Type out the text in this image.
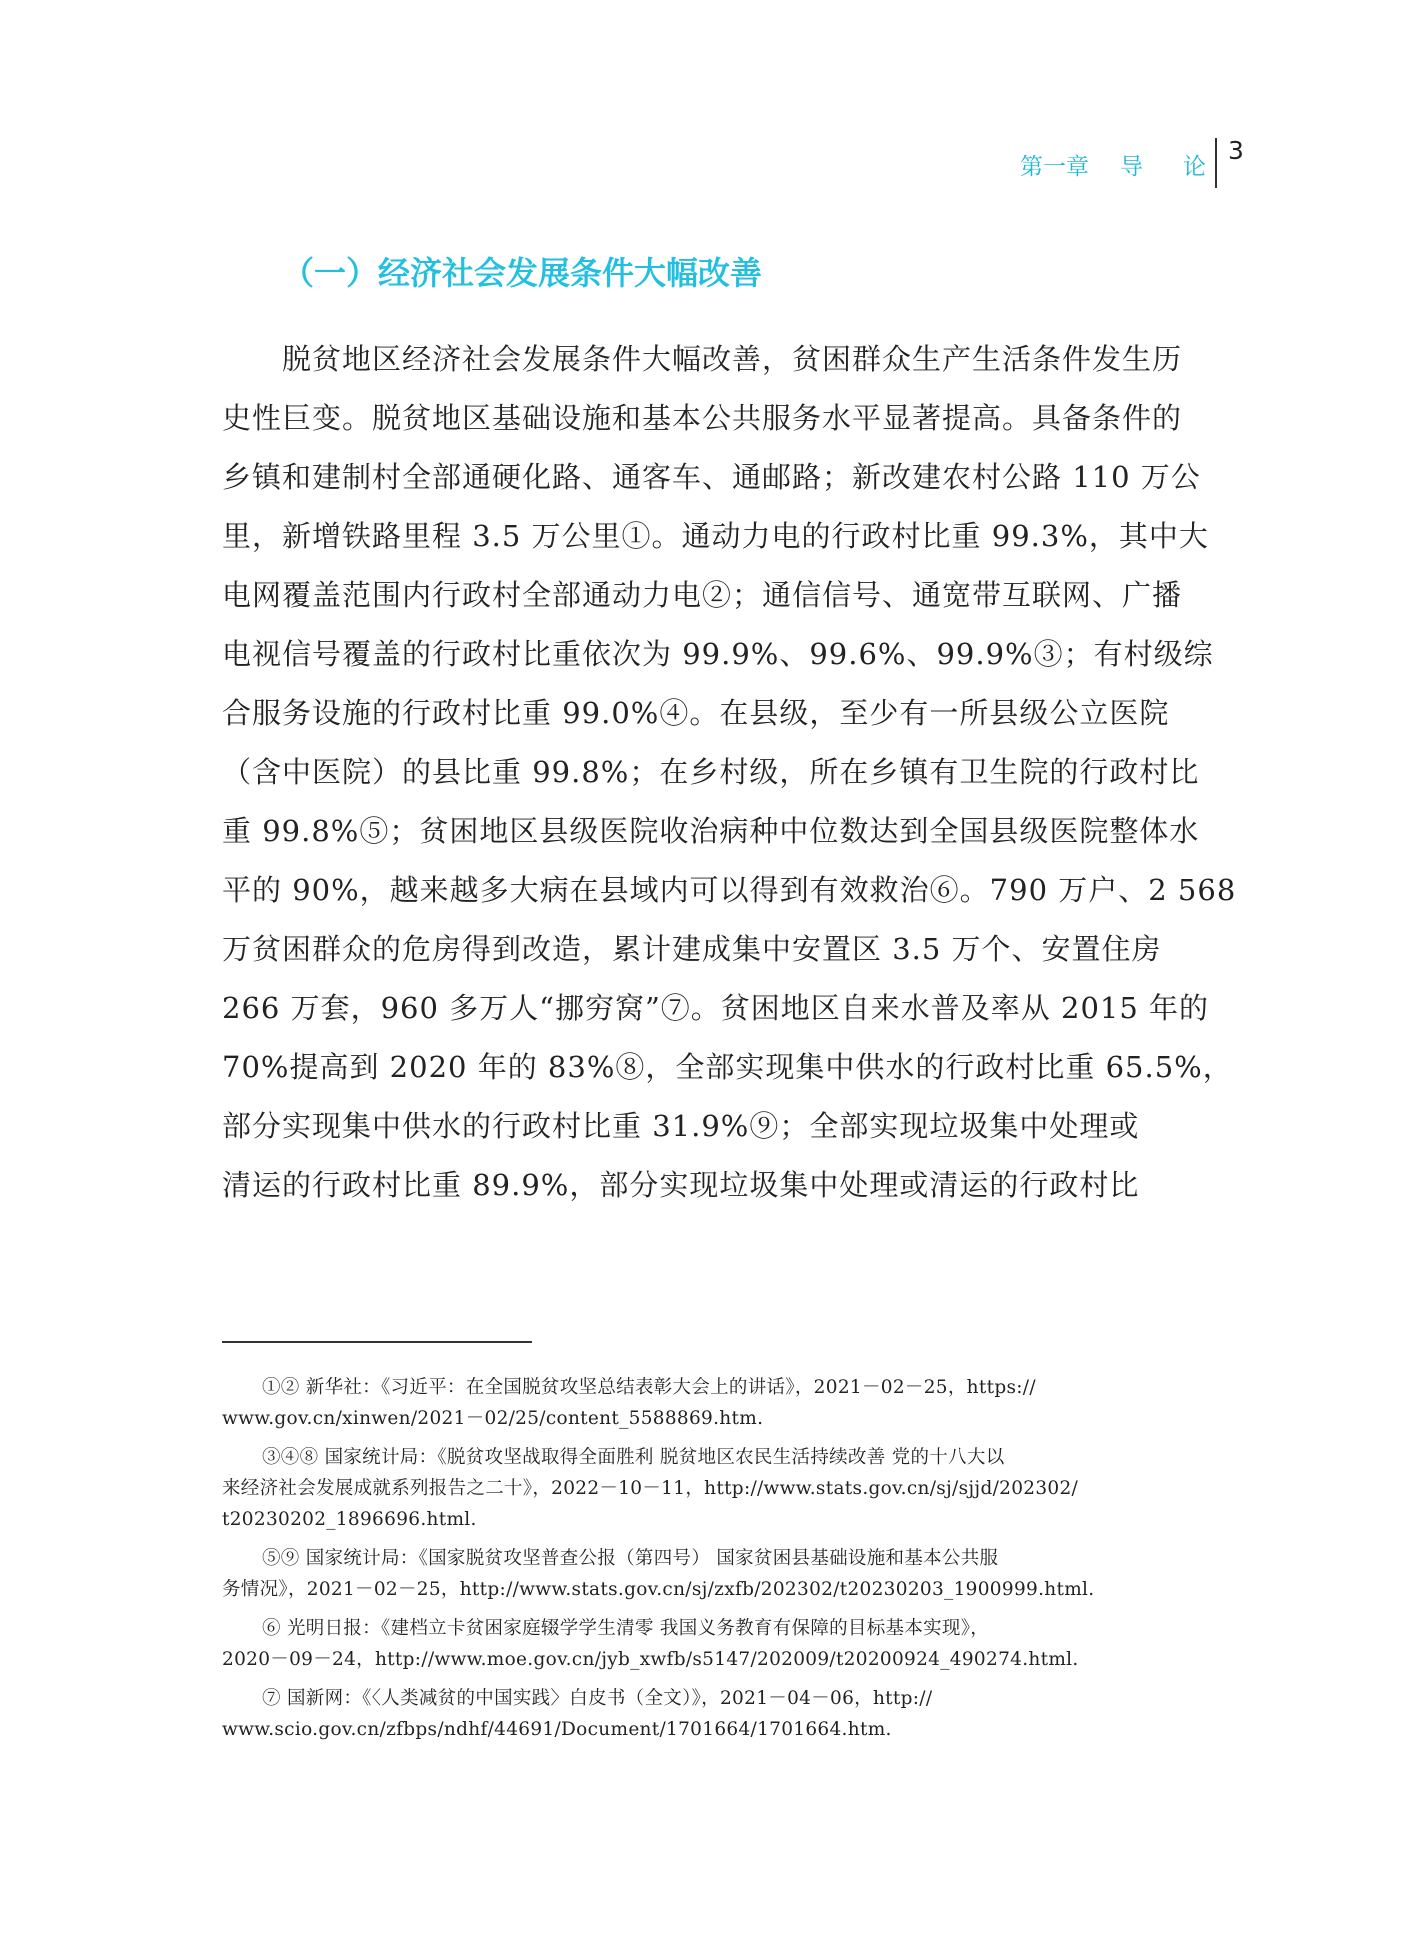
第一章 导 论
3
（一）经济社会发展条件大幅改善
脱贫地区经济社会发展条件大幅改善，贫困群众生产生活条件发生历
史性巨变。脱贫地区基础设施和基本公共服务水平显著提高。具备条件的
乡镇和建制村全部通硬化路、通客车、通邮路；新改建农村公路 110 万公
里，新增铁路里程 3.5 万公里①。通动力电的行政村比重 99.3%，其中大
电网覆盖范围内行政村全部通动力电②；通信信号、通宽带互联网、广播
电视信号覆盖的行政村比重依次为 99.9%、99.6%、99.9%③；有村级综
合服务设施的行政村比重 99.0%④。在县级，至少有一所县级公立医院
（含中医院）的县比重 99.8%；在乡村级，所在乡镇有卫生院的行政村比
重 99.8%⑤；贫困地区县级医院收治病种中位数达到全国县级医院整体水
平的 90%，越来越多大病在县域内可以得到有效救治⑥。790 万户、2 568
万贫困群众的危房得到改造，累计建成集中安置区 3.5 万个、安置住房
266 万套，960 多万人“挪穷窝”⑦。贫困地区自来水普及率从 2015 年的
70%提高到 2020 年的 83%⑧，全部实现集中供水的行政村比重 65.5%，
部分实现集中供水的行政村比重 31.9%⑨；全部实现垃圾集中处理或
清运的行政村比重 89.9%，部分实现垃圾集中处理或清运的行政村比
①② 新华社：《习近平：在全国脱贫攻坚总结表彰大会上的讲话》，2021－02－25，https://
www.gov.cn/xinwen/2021－02/25/content_5588869.htm.
③④⑧ 国家统计局：《脱贫攻坚战取得全面胜利 脱贫地区农民生活持续改善 党的十八大以
来经济社会发展成就系列报告之二十》，2022－10－11，http://www.stats.gov.cn/sj/sjjd/202302/
t20230202_1896696.html.
⑤⑨ 国家统计局：《国家脱贫攻坚普查公报（第四号） 国家贫困县基础设施和基本公共服
务情况》，2021－02－25，http://www.stats.gov.cn/sj/zxfb/202302/t20230203_1900999.html.
⑥ 光明日报：《建档立卡贫困家庭辍学学生清零 我国义务教育有保障的目标基本实现》，
2020－09－24，http://www.moe.gov.cn/jyb_xwfb/s5147/202009/t20200924_490274.html.
⑦ 国新网：《〈人类减贫的中国实践〉白皮书（全文）》，2021－04－06，http://
www.scio.gov.cn/zfbps/ndhf/44691/Document/1701664/1701664.htm.
